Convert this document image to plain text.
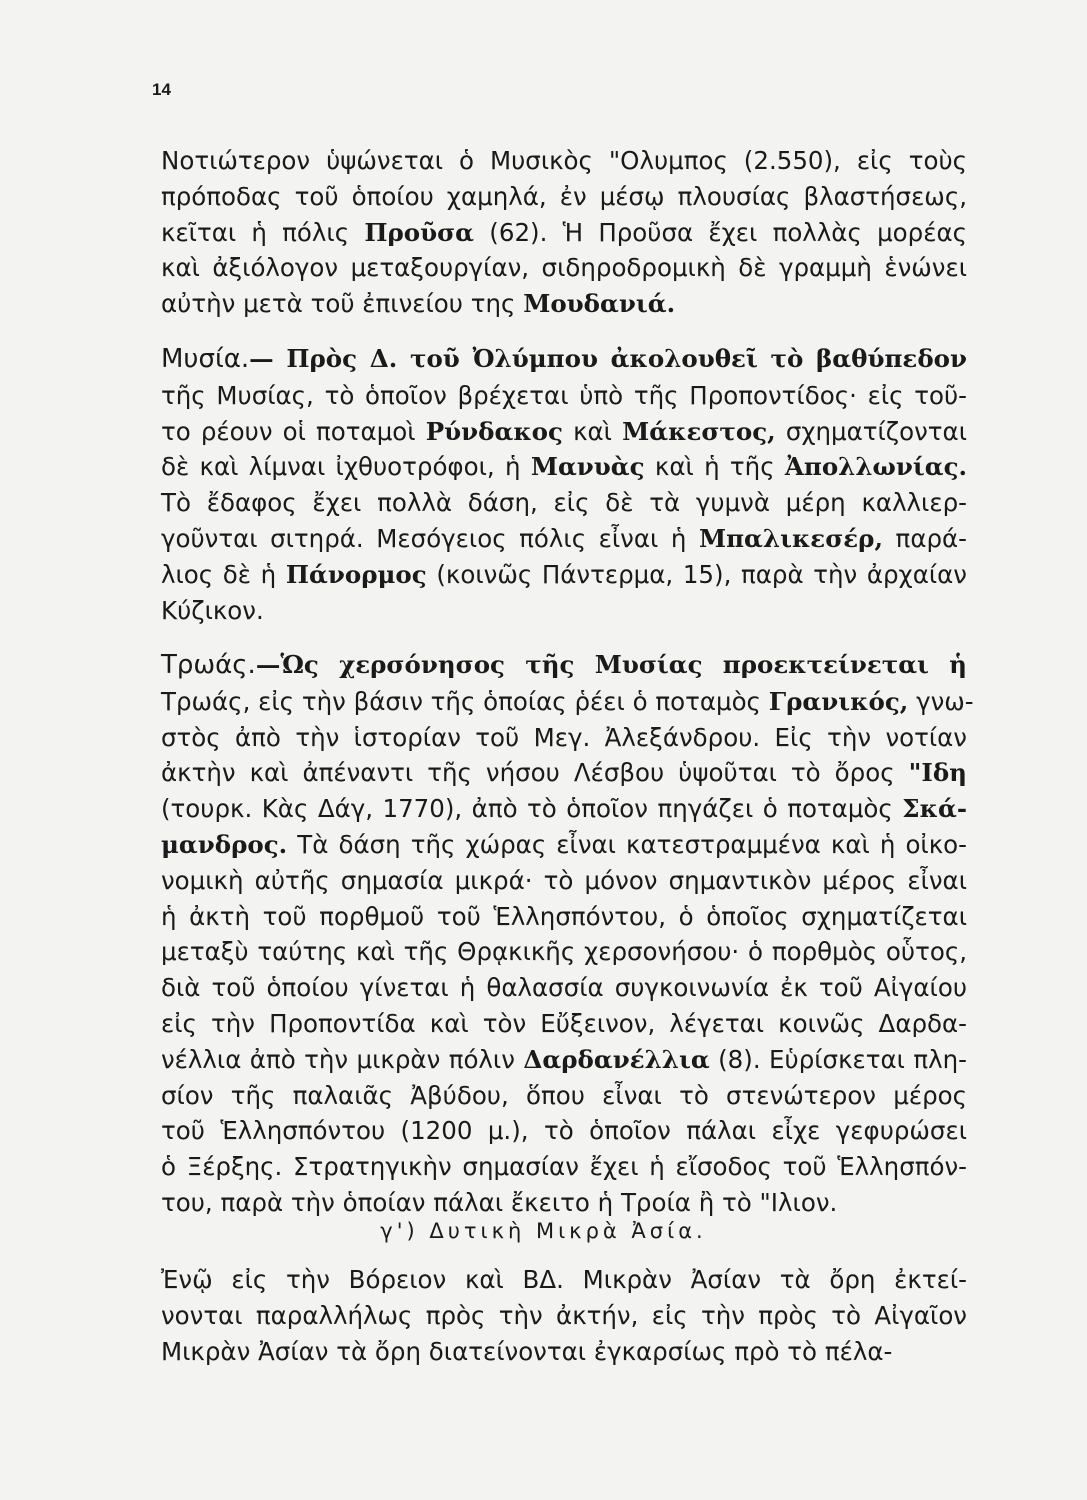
14
Νοτιώτερον ὑψώνεται ὁ Μυσικὸς "Ολυμπος (2.550), εἰς τοὺς
πρόποδας τοῦ ὁποίου χαμηλά, ἐν μέσῳ πλουσίας βλαστήσεως,
κεῖται ἡ πόλις Προῦσα (62). Ἡ Προῦσα ἔχει πολλὰς μορέας
καὶ ἀξιόλογον μεταξουργίαν, σιδηροδρομικὴ δὲ γραμμὴ ἑνώνει
αὐτὴν μετὰ τοῦ ἐπινείου της Μουδανιά.
Μυσία.— Πρὸς Δ. τοῦ Ὀλύμπου ἀκολουθεῖ τὸ βαθύπεδον
τῆς Μυσίας, τὸ ὁποῖον βρέχεται ὑπὸ τῆς Προποντίδος· εἰς τοῦ-
το ρέουν οἱ ποταμοὶ Ρύνδακος καὶ Μάκεστος, σχηματίζονται
δὲ καὶ λίμναι ἰχθυοτρόφοι, ἡ Μανυὰς καὶ ἡ τῆς Ἀπολλωνίας.
Τὸ ἔδαφος ἔχει πολλὰ δάση, εἰς δὲ τὰ γυμνὰ μέρη καλλιερ-
γοῦνται σιτηρά. Μεσόγειος πόλις εἶναι ἡ Μπαλικεσέρ, παρά-
λιος δὲ ἡ Πάνορμος (κοινῶς Πάντερμα, 15), παρὰ τὴν ἀρχαίαν
Κύζικον.
Τρωάς.—Ὡς χερσόνησος τῆς Μυσίας προεκτείνεται ἡ
Τρωάς, εἰς τὴν βάσιν τῆς ὁποίας ῥέει ὁ ποταμὸς Γρανικός, γνω-
στὸς ἀπὸ τὴν ἱστορίαν τοῦ Μεγ. Ἀλεξάνδρου. Εἰς τὴν νοτίαν
ἀκτὴν καὶ ἀπέναντι τῆς νήσου Λέσβου ὑψοῦται τὸ ὄρος "Ιδη
(τουρκ. Κὰς Δάγ, 1770), ἀπὸ τὸ ὁποῖον πηγάζει ὁ ποταμὸς Σκά-
μανδρος. Τὰ δάση τῆς χώρας εἶναι κατεστραμμένα καὶ ἡ οἰκο-
νομικὴ αὐτῆς σημασία μικρά· τὸ μόνον σημαντικὸν μέρος εἶναι
ἡ ἀκτὴ τοῦ πορθμοῦ τοῦ Ἑλλησπόντου, ὁ ὁποῖος σχηματίζεται
μεταξὺ ταύτης καὶ τῆς Θρᾳκικῆς χερσονήσου· ὁ πορθμὸς οὗτος,
διὰ τοῦ ὁποίου γίνεται ἡ θαλασσία συγκοινωνία ἐκ τοῦ Αἰγαίου
εἰς τὴν Προποντίδα καὶ τὸν Εὔξεινον, λέγεται κοινῶς Δαρδα-
νέλλια ἀπὸ τὴν μικρὰν πόλιν Δαρδανέλλια (8). Εὑρίσκεται πλη-
σίον τῆς παλαιᾶς Ἀβύδου, ὅπου εἶναι τὸ στενώτερον μέρος
τοῦ Ἑλλησπόντου (1200 μ.), τὸ ὁποῖον πάλαι εἶχε γεφυρώσει
ὁ Ξέρξης. Στρατηγικὴν σημασίαν ἔχει ἡ εἴσοδος τοῦ Ἑλλησπόν-
του, παρὰ τὴν ὁποίαν πάλαι ἔκειτο ἡ Τροία ἢ τὸ "Ιλιον.
γ') Δυτικὴ Μικρὰ Ἀσία.
Ἐνῷ εἰς τὴν Βόρειον καὶ ΒΔ. Μικρὰν Ἀσίαν τὰ ὄρη ἐκτεί-
νονται παραλλήλως πρὸς τὴν ἀκτήν, εἰς τὴν πρὸς τὸ Αἰγαῖον
Μικρὰν Ἀσίαν τὰ ὄρη διατείνονται ἐγκαρσίως πρὸ τὸ πέλα-
